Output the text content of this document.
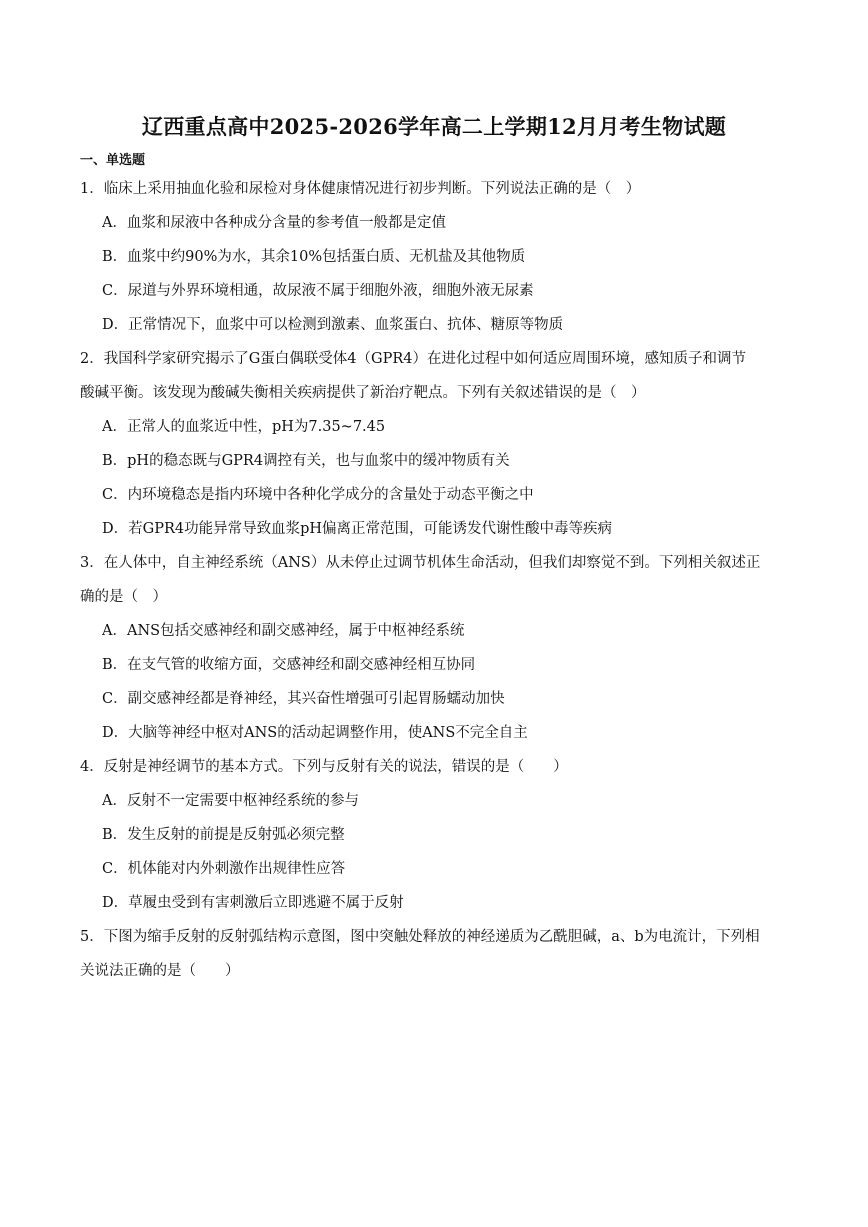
辽西重点高中2025-2026学年高二上学期12月月考生物试题
一、单选题
1．临床上采用抽血化验和尿检对身体健康情况进行初步判断。下列说法正确的是（　）
A．血浆和尿液中各种成分含量的参考值一般都是定值
B．血浆中约90%为水，其余10%包括蛋白质、无机盐及其他物质
C．尿道与外界环境相通，故尿液不属于细胞外液，细胞外液无尿素
D．正常情况下，血浆中可以检测到激素、血浆蛋白、抗体、糖原等物质
2．我国科学家研究揭示了G蛋白偶联受体4（GPR4）在进化过程中如何适应周围环境，感知质子和调节
酸碱平衡。该发现为酸碱失衡相关疾病提供了新治疗靶点。下列有关叙述错误的是（　）
A．正常人的血浆近中性，pH为7.35~7.45
B．pH的稳态既与GPR4调控有关，也与血浆中的缓冲物质有关
C．内环境稳态是指内环境中各种化学成分的含量处于动态平衡之中
D．若GPR4功能异常导致血浆pH偏离正常范围，可能诱发代谢性酸中毒等疾病
3．在人体中，自主神经系统（ANS）从未停止过调节机体生命活动，但我们却察觉不到。下列相关叙述正
确的是（　）
A．ANS包括交感神经和副交感神经，属于中枢神经系统
B．在支气管的收缩方面，交感神经和副交感神经相互协同
C．副交感神经都是脊神经，其兴奋性增强可引起胃肠蠕动加快
D．大脑等神经中枢对ANS的活动起调整作用，使ANS不完全自主
4．反射是神经调节的基本方式。下列与反射有关的说法，错误的是（　　）
A．反射不一定需要中枢神经系统的参与
B．发生反射的前提是反射弧必须完整
C．机体能对内外刺激作出规律性应答
D．草履虫受到有害刺激后立即逃避不属于反射
5．下图为缩手反射的反射弧结构示意图，图中突触处释放的神经递质为乙酰胆碱，a、b为电流计，下列相
关说法正确的是（　　）
